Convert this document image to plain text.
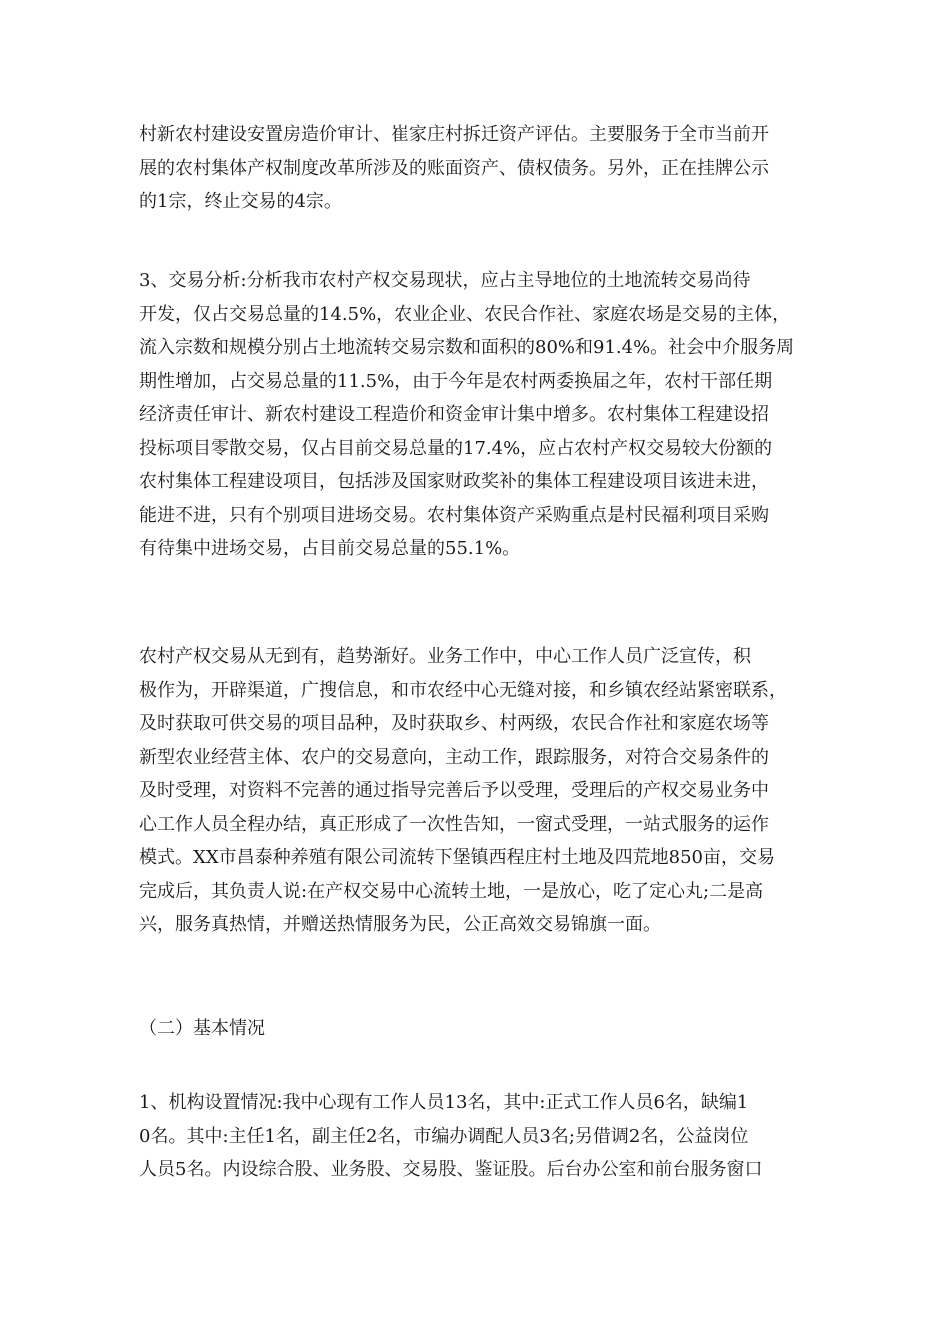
村新农村建设安置房造价审计、崔家庄村拆迁资产评估。主要服务于全市当前开
展的农村集体产权制度改革所涉及的账面资产、债权债务。另外，正在挂牌公示
的1宗，终止交易的4宗。
3、交易分析:分析我市农村产权交易现状，应占主导地位的土地流转交易尚待
开发，仅占交易总量的14.5%，农业企业、农民合作社、家庭农场是交易的主体，
流入宗数和规模分别占土地流转交易宗数和面积的80%和91.4%。社会中介服务周
期性增加，占交易总量的11.5%，由于今年是农村两委换届之年，农村干部任期
经济责任审计、新农村建设工程造价和资金审计集中增多。农村集体工程建设招
投标项目零散交易，仅占目前交易总量的17.4%，应占农村产权交易较大份额的
农村集体工程建设项目，包括涉及国家财政奖补的集体工程建设项目该进未进，
能进不进，只有个别项目进场交易。农村集体资产采购重点是村民福利项目采购
有待集中进场交易，占目前交易总量的55.1%。
农村产权交易从无到有，趋势渐好。业务工作中，中心工作人员广泛宣传，积
极作为，开辟渠道，广搜信息，和市农经中心无缝对接，和乡镇农经站紧密联系，
及时获取可供交易的项目品种，及时获取乡、村两级，农民合作社和家庭农场等
新型农业经营主体、农户的交易意向，主动工作，跟踪服务，对符合交易条件的
及时受理，对资料不完善的通过指导完善后予以受理，受理后的产权交易业务中
心工作人员全程办结，真正形成了一次性告知，一窗式受理，一站式服务的运作
模式。XX市昌泰种养殖有限公司流转下堡镇西程庄村土地及四荒地850亩，交易
完成后，其负责人说:在产权交易中心流转土地，一是放心，吃了定心丸;二是高
兴，服务真热情，并赠送热情服务为民，公正高效交易锦旗一面。
（二）基本情况
1、机构设置情况:我中心现有工作人员13名，其中:正式工作人员6名，缺编1
0名。其中:主任1名，副主任2名，市编办调配人员3名;另借调2名，公益岗位
人员5名。内设综合股、业务股、交易股、鉴证股。后台办公室和前台服务窗口
